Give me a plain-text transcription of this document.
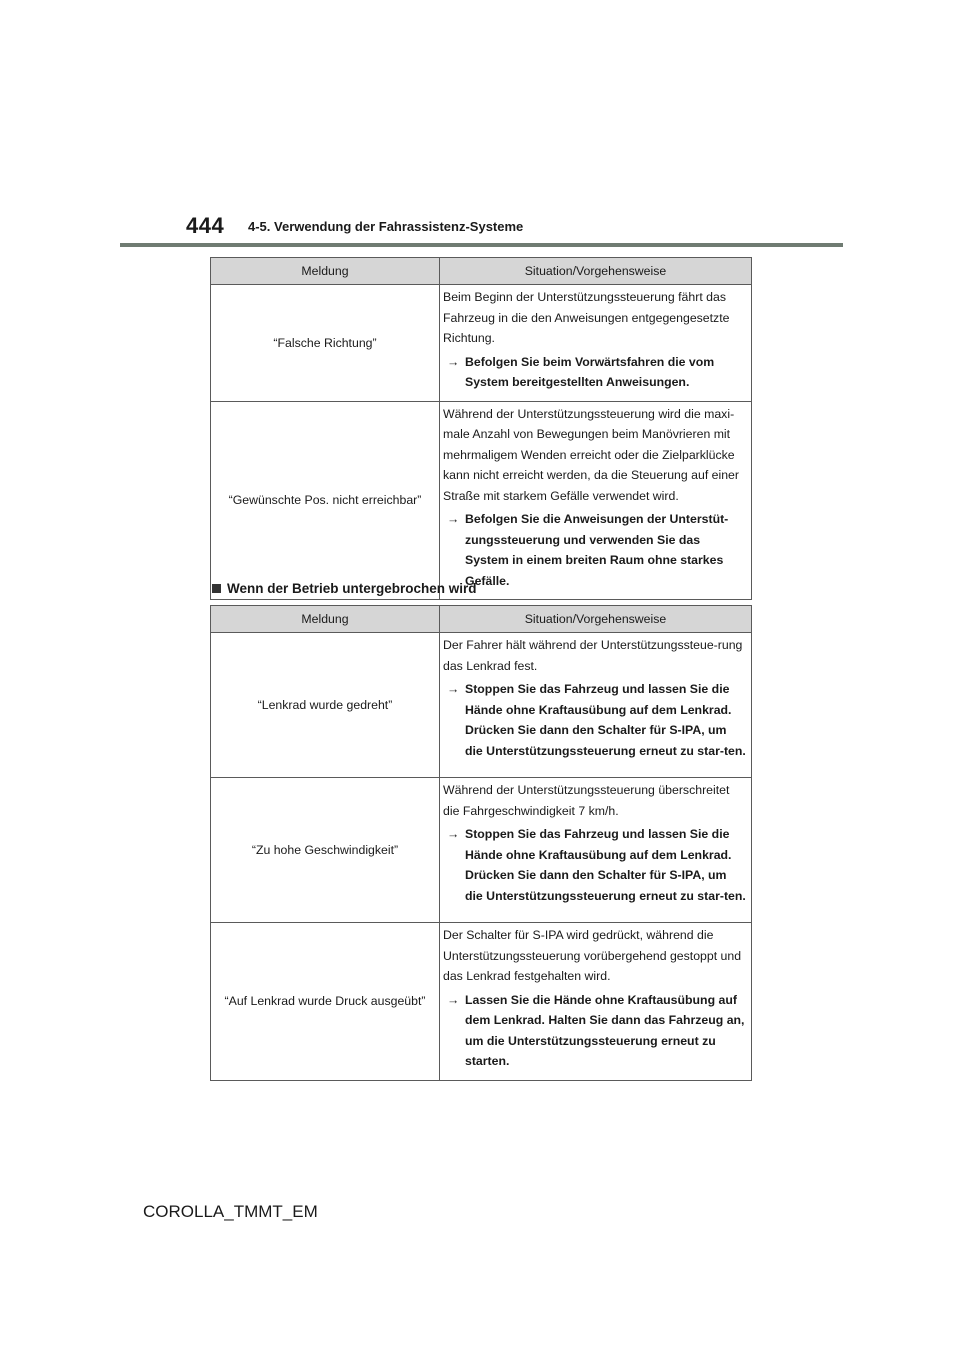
444 4-5. Verwendung der Fahrassistenz-Systeme
Meldung	Situation/Vorgehensweise
“Falsche Richtung”	Beim Beginn der Unterstützungssteuerung fährt das Fahrzeug in die den Anweisungen entgegengesetzte Richtung.

→ Befolgen Sie beim Vorwärtsfahren die vom System bereitgestellten Anweisungen.

“Gewünschte Pos. nicht erreichbar”	Während der Unterstützungssteuerung wird die maxi-male Anzahl von Bewegungen beim Manövrieren mit mehrmaligem Wenden erreicht oder die Zielparklücke kann nicht erreicht werden, da die Steuerung auf einer Straße mit starkem Gefälle verwendet wird.

→ Befolgen Sie die Anweisungen der Unterstüt-zungssteuerung und verwenden Sie das System in einem breiten Raum ohne starkes Gefälle.
Wenn der Betrieb untergebrochen wird
Meldung	Situation/Vorgehensweise
“Lenkrad wurde gedreht”	Der Fahrer hält während der Unterstützungssteue-rung das Lenkrad fest.

→ Stoppen Sie das Fahrzeug und lassen Sie die Hände ohne Kraftausübung auf dem Lenkrad. Drücken Sie dann den Schalter für S-IPA, um die Unterstützungssteuerung erneut zu star-ten.

“Zu hohe Geschwindigkeit”	Während der Unterstützungssteuerung überschreitet die Fahrgeschwindigkeit 7 km/h.

→ Stoppen Sie das Fahrzeug und lassen Sie die Hände ohne Kraftausübung auf dem Lenkrad. Drücken Sie dann den Schalter für S-IPA, um die Unterstützungssteuerung erneut zu star-ten.

“Auf Lenkrad wurde Druck ausgeübt”	Der Schalter für S-IPA wird gedrückt, während die Unterstützungssteuerung vorübergehend gestoppt und das Lenkrad festgehalten wird.

→ Lassen Sie die Hände ohne Kraftausübung auf dem Lenkrad. Halten Sie dann das Fahrzeug an, um die Unterstützungssteuerung erneut zu starten.
COROLLA_TMMT_EM
